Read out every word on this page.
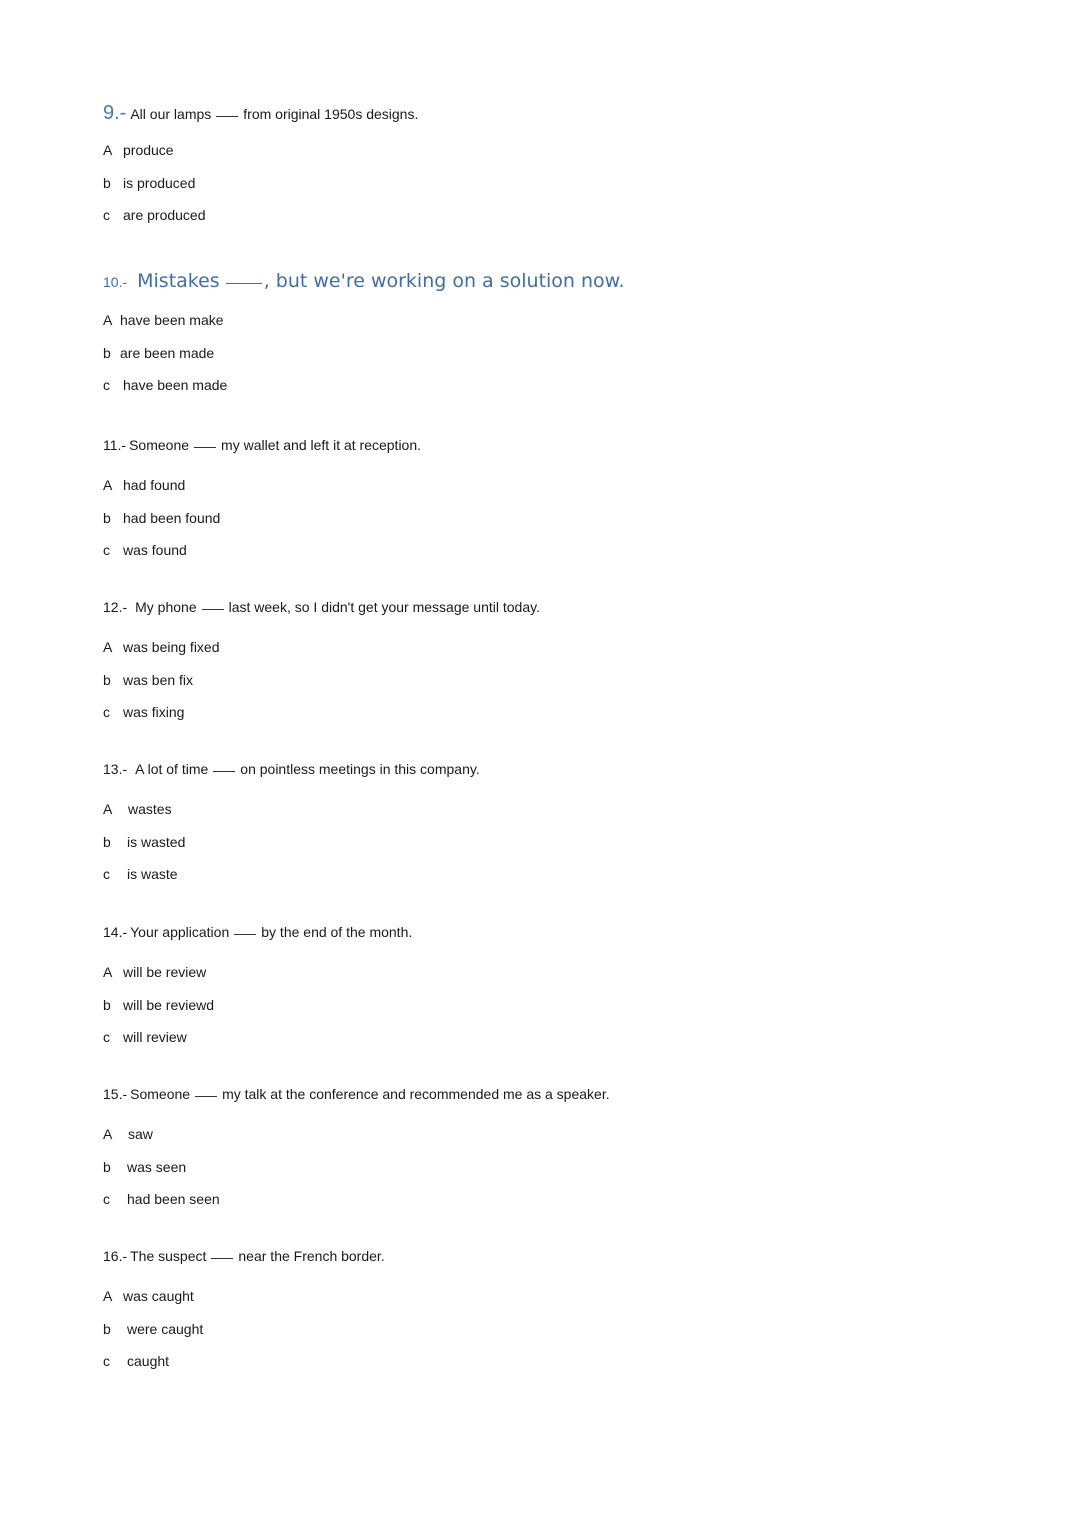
9.- All our lamps from original 1950s designs.
A produce
b is produced
c are produced
10.- Mistakes , but we're working on a solution now.
A have been make
b are been made
c have been made
11.- Someone my wallet and left it at reception.
A had found
b had been found
c was found
12.- My phone last week, so I didn't get your message until today.
A was being fixed
b was ben fix
c was fixing
13.- A lot of time on pointless meetings in this company.
A	wastes
b	is wasted
c	is waste
14.- Your application by the end of the month.
A will be review
b will be reviewd
c will review
15.- Someone my talk at the conference and recommended me as a speaker.
A	saw
b	was seen
c	had been seen
16.- The suspect near the French border.
A was caught
b	were caught
c	caught
